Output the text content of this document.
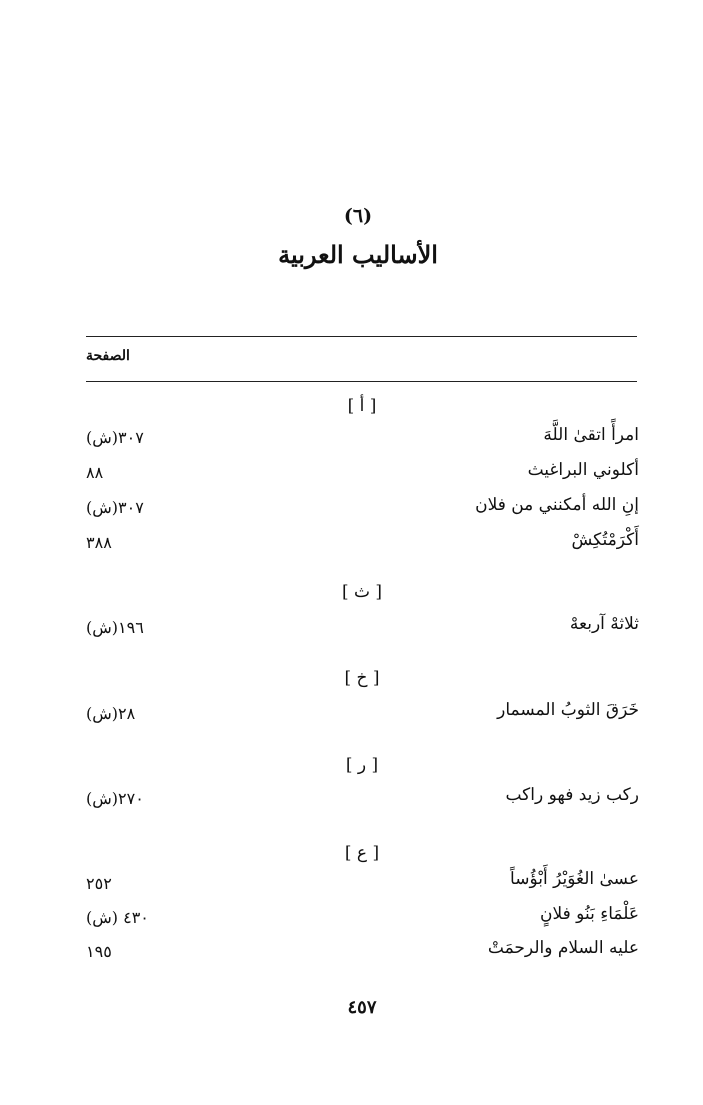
(٦)
الأساليب العربية
الصفحة
[ أ ]
امرأً اتقىٰ اللَّهَ
٣٠٧(ش)
أكلوني البراغيث
٨٨
إنِ الله أمكنني من فلان
٣٠٧(ش)
أَكْرَمْتُكِشْ
٣٨٨
[ ث ]
ثلاثهْ آربعهْ
١٩٦(ش)
[ خ ]
خَرَقَ الثوبُ المسمار
٢٨(ش)
[ ر ]
ركب زيد فهو راكب
٢٧٠(ش)
[ ع ]
عسىٰ الغُوَيْرُ أَبْؤُساً
٢٥٢
عَلْمَاءِ بَنُو فلانٍ
٤٣٠ (ش)
عليه السلام والرحمَتْ
١٩٥
٤٥٧
